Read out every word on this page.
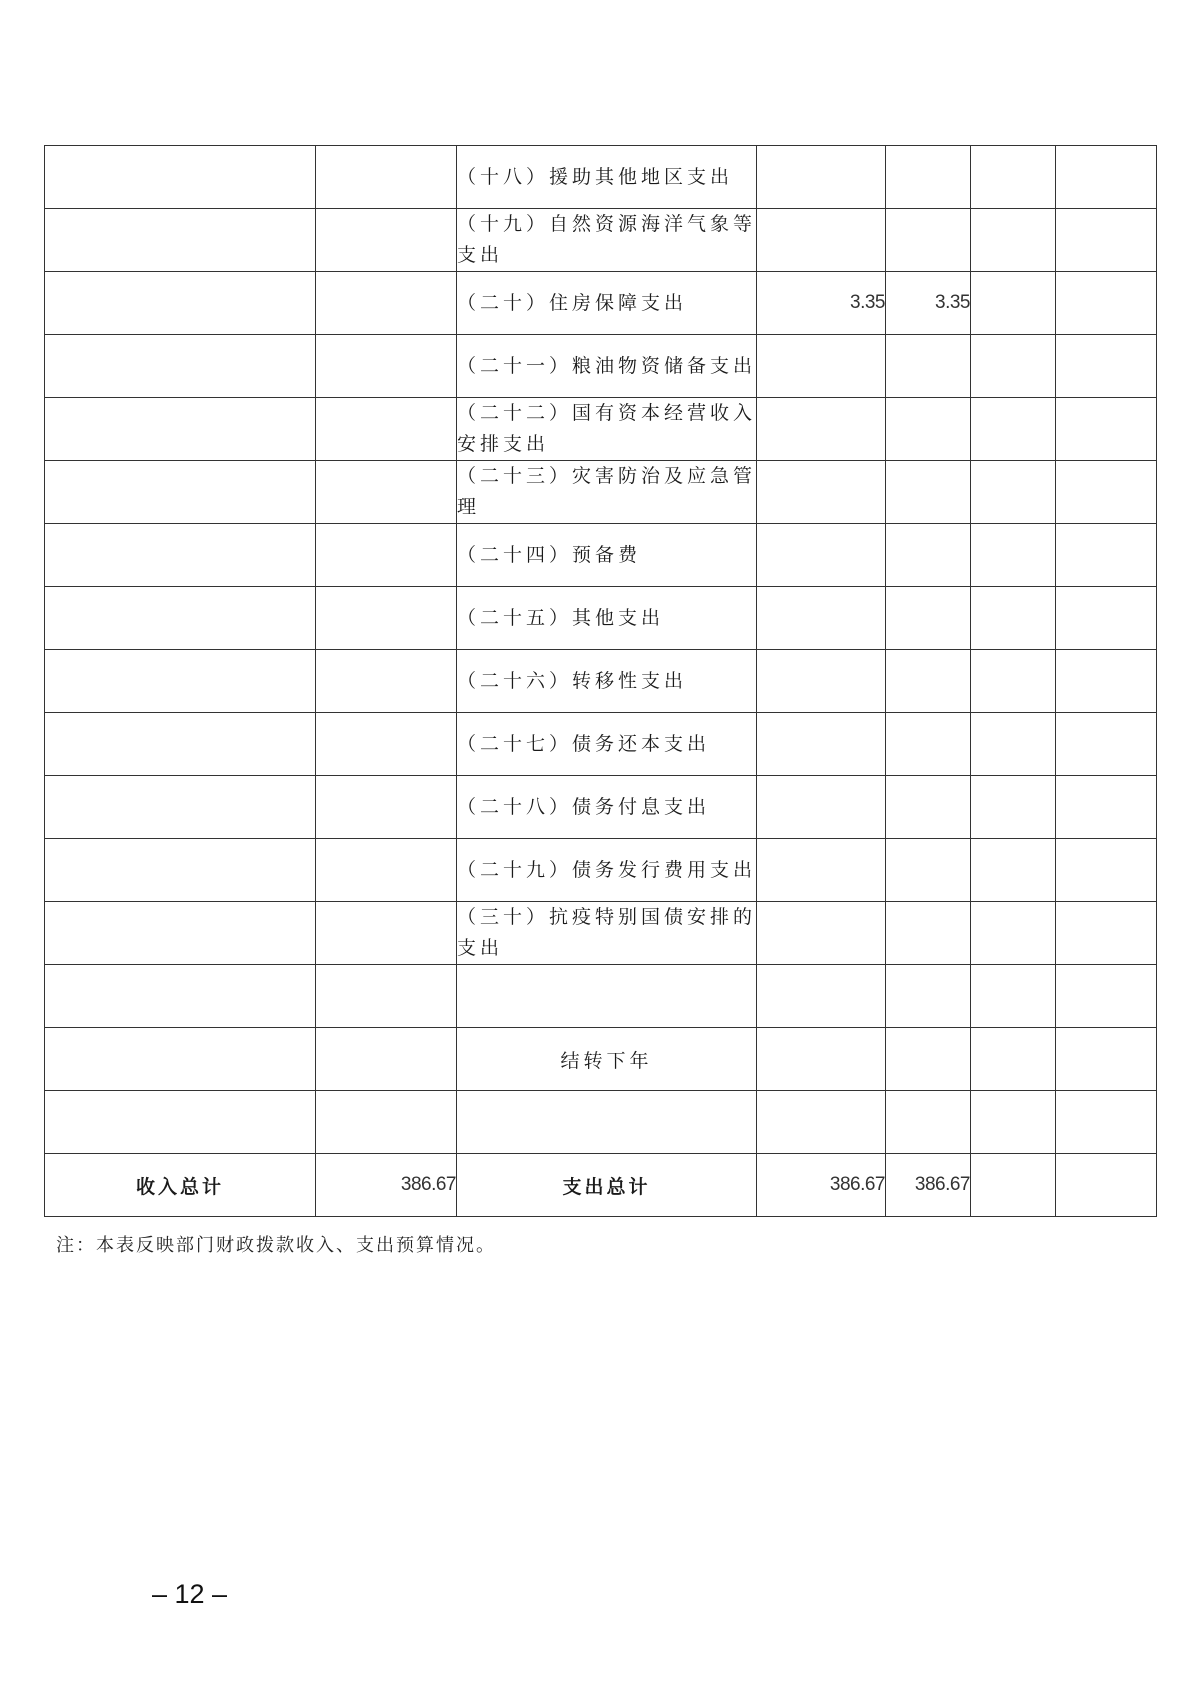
		（十八）援助其他地区支出				
		（十九）自然资源海洋气象等支出				
		（二十）住房保障支出	3.35	3.35		
		（二十一）粮油物资储备支出				
		（二十二）国有资本经营收入安排支出				
		（二十三）灾害防治及应急管理				
		（二十四）预备费				
		（二十五）其他支出				
		（二十六）转移性支出				
		（二十七）债务还本支出				
		（二十八）债务付息支出				
		（二十九）债务发行费用支出				
		（三十）抗疫特别国债安排的支出				

		结转下年				

收入总计	386.67	支出总计	386.67	386.67		
注：本表反映部门财政拨款收入、支出预算情况。
– 12 –
